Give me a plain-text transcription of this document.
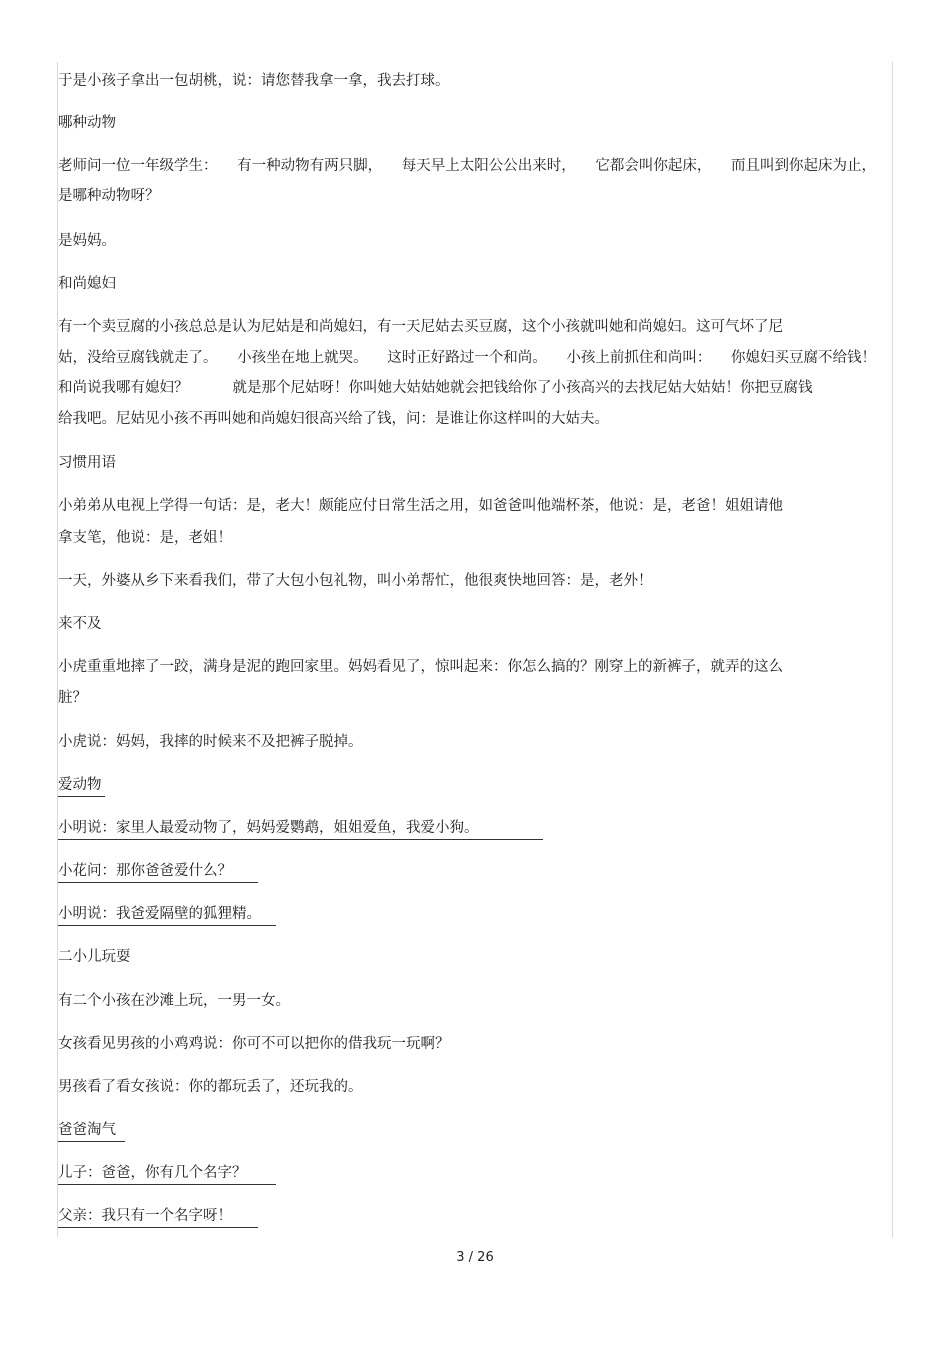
于是小孩子拿出一包胡桃，说：请您替我拿一拿，我去打球。

哪种动物

老师问一位一年级学生： 有一种动物有两只脚， 每天早上太阳公公出来时， 它都会叫你起床， 而且叫到你起床为止，

是哪种动物呀？

是妈妈。

和尚媳妇

有一个卖豆腐的小孩总总是认为尼姑是和尚媳妇，有一天尼姑去买豆腐，这个小孩就叫她和尚媳妇。这可气坏了尼

姑，没给豆腐钱就走了。 小孩坐在地上就哭。 这时正好路过一个和尚。 小孩上前抓住和尚叫： 你媳妇买豆腐不给钱！

和尚说我哪有媳妇？	就是那个尼姑呀！你叫她大姑姑她就会把钱给你了小孩高兴的去找尼姑大姑姑！你把豆腐钱

给我吧。尼姑见小孩不再叫她和尚媳妇很高兴给了钱，问：是谁让你这样叫的大姑夫。

习惯用语

小弟弟从电视上学得一句话：是，老大！颇能应付日常生活之用，如爸爸叫他端杯茶，他说：是，老爸！姐姐请他

拿支笔，他说：是，老姐！

一天，外婆从乡下来看我们，带了大包小包礼物，叫小弟帮忙，他很爽快地回答：是，老外！

来不及

小虎重重地摔了一跤，满身是泥的跑回家里。妈妈看见了，惊叫起来：你怎么搞的？刚穿上的新裤子，就弄的这么

脏？

小虎说：妈妈，我摔的时候来不及把裤子脱掉。

爱动物

小明说：家里人最爱动物了，妈妈爱鹦鹉，姐姐爱鱼，我爱小狗。

小花问：那你爸爸爱什么？

小明说：我爸爱隔壁的狐狸精。

二小儿玩耍

有二个小孩在沙滩上玩，一男一女。

女孩看见男孩的小鸡鸡说：你可不可以把你的借我玩一玩啊？

男孩看了看女孩说：你的都玩丢了，还玩我的。

爸爸淘气

儿子：爸爸，你有几个名字？

父亲：我只有一个名字呀！

3 / 26
